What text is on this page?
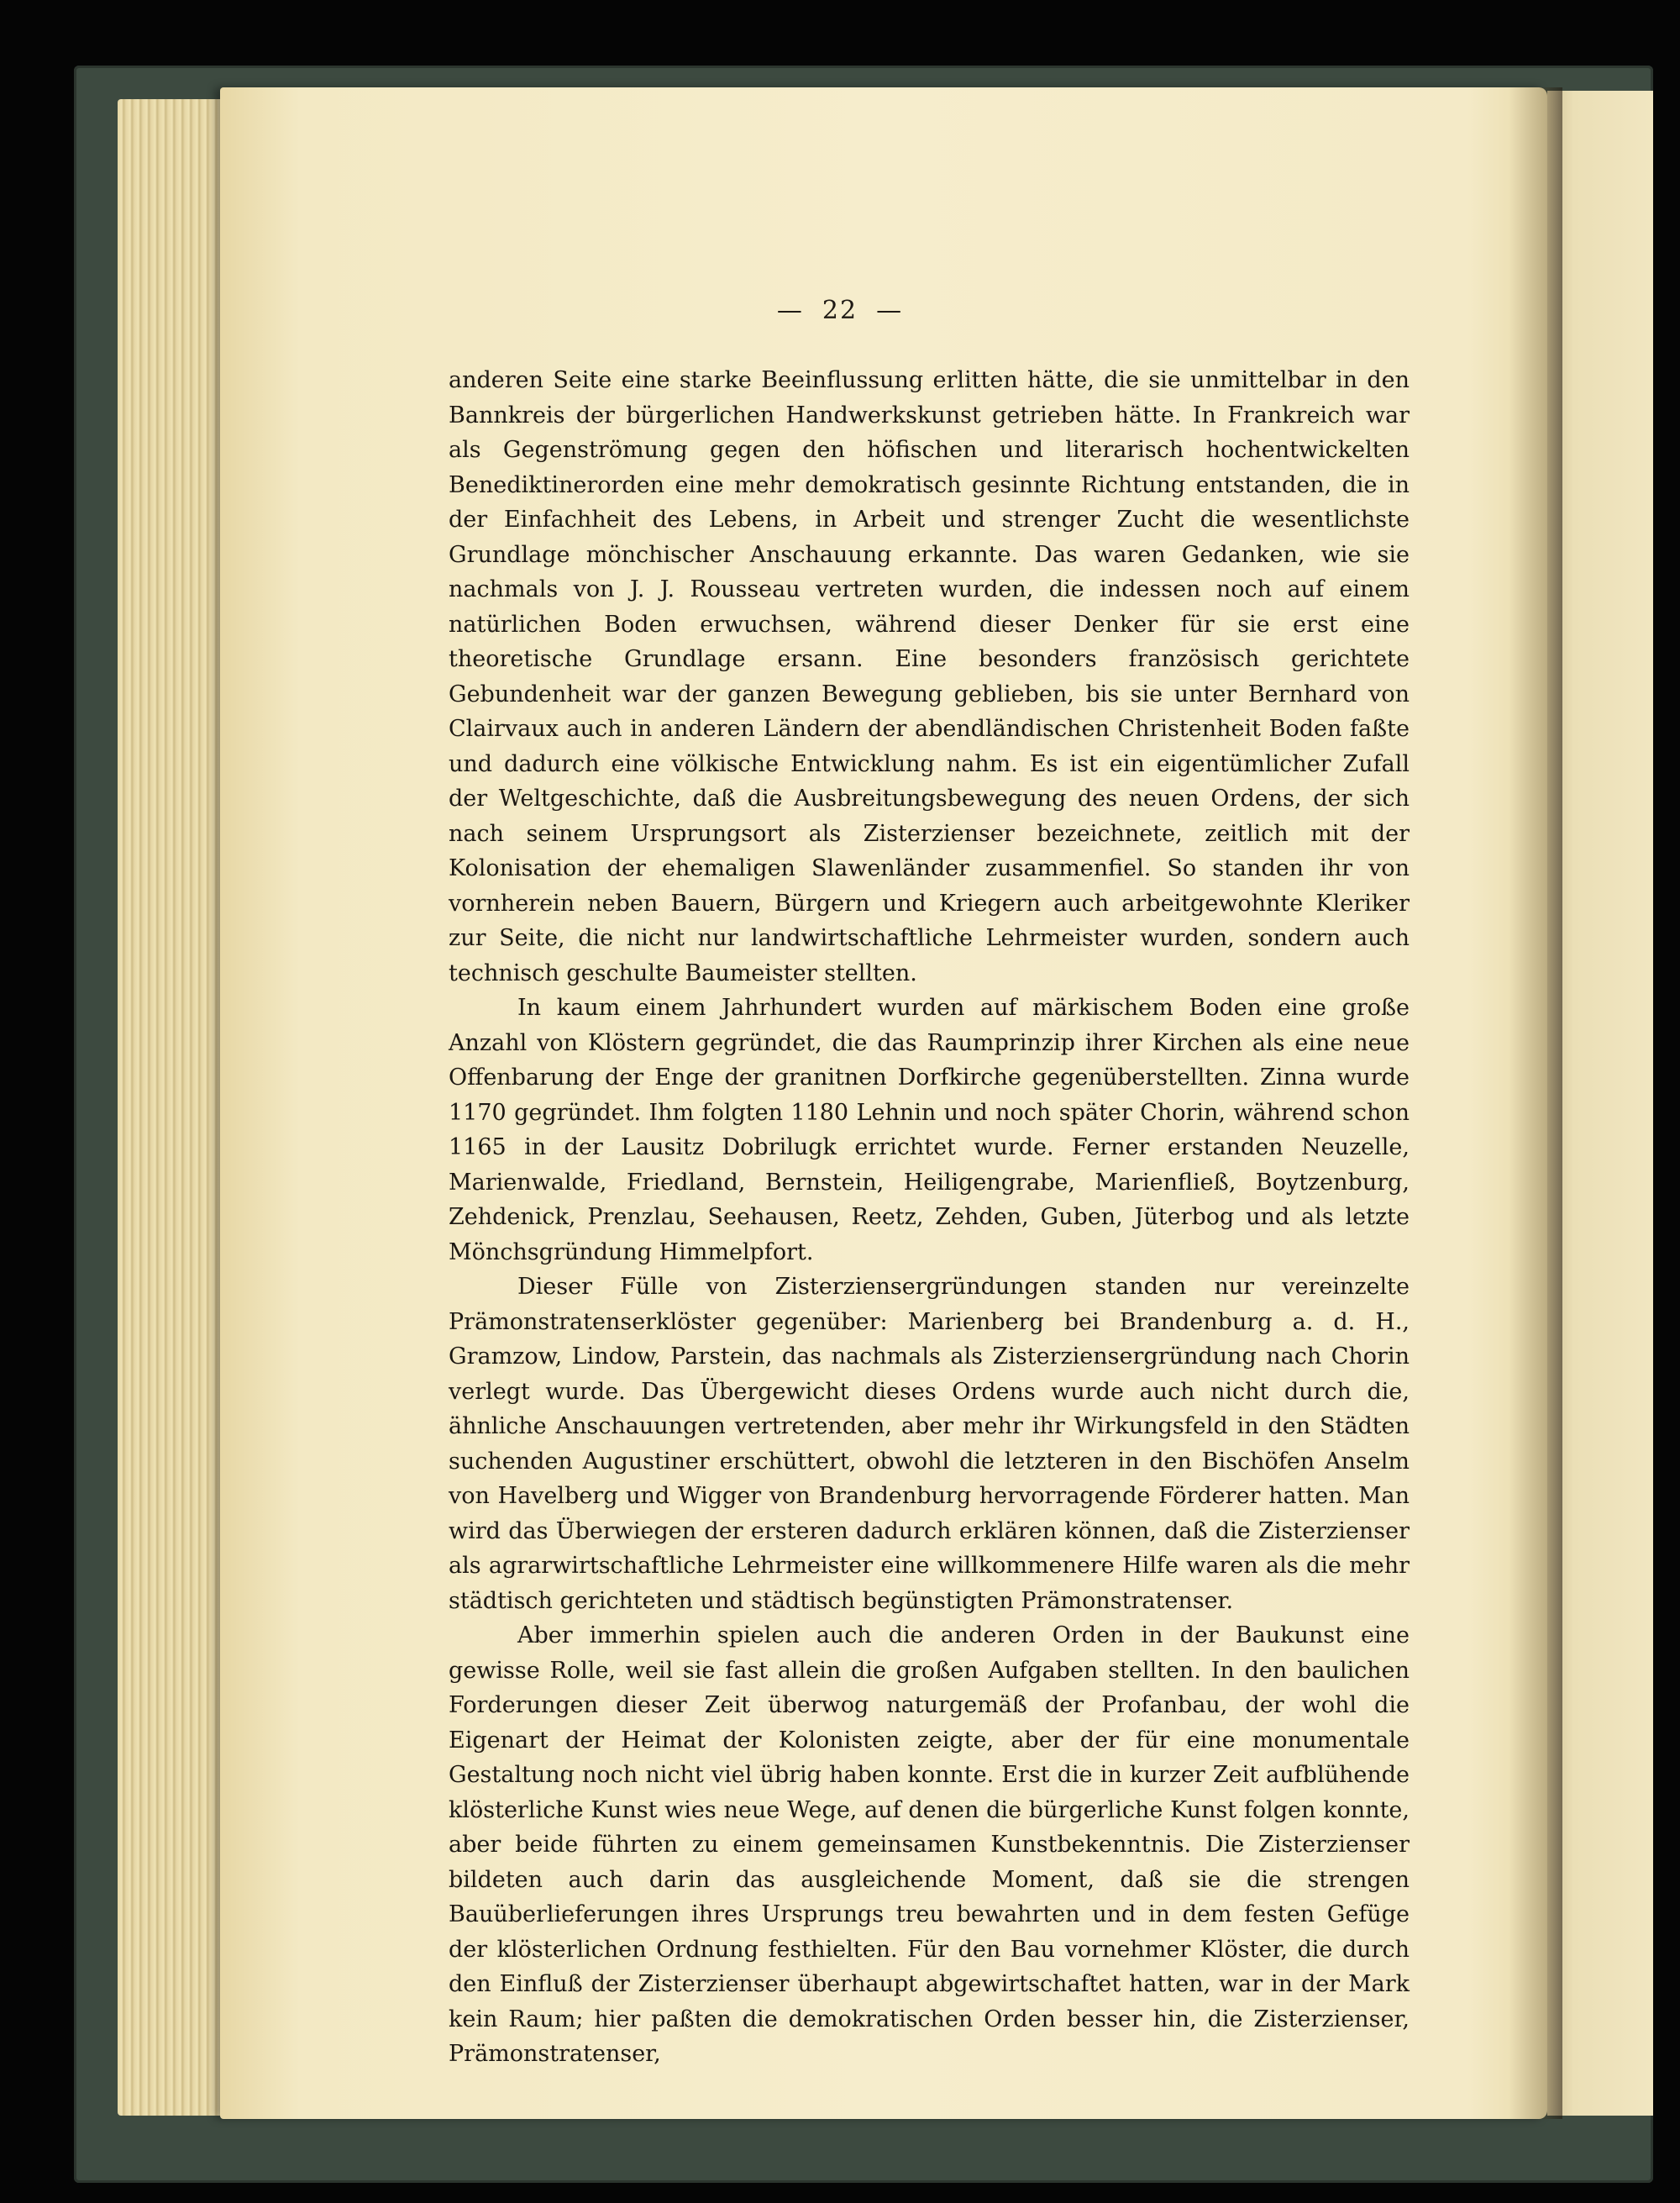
— 22 —

anderen Seite eine starke Beeinflussung erlitten hätte, die sie unmittelbar in den Bannkreis der bürgerlichen Handwerkskunst getrieben hätte. In Frankreich war als Gegenströmung gegen den höfischen und literarisch hochentwickelten Benediktinerorden eine mehr demokratisch gesinnte Richtung entstanden, die in der Einfachheit des Lebens, in Arbeit und strenger Zucht die wesentlichste Grundlage mönchischer Anschauung erkannte. Das waren Gedanken, wie sie nachmals von J. J. Rousseau vertreten wurden, die indessen noch auf einem natürlichen Boden erwuchsen, während dieser Denker für sie erst eine theoretische Grundlage ersann. Eine besonders französisch gerichtete Gebundenheit war der ganzen Bewegung geblieben, bis sie unter Bernhard von Clairvaux auch in anderen Ländern der abendländischen Christenheit Boden faßte und dadurch eine völkische Entwicklung nahm. Es ist ein eigentümlicher Zufall der Weltgeschichte, daß die Ausbreitungsbewegung des neuen Ordens, der sich nach seinem Ursprungsort als Zisterzienser bezeichnete, zeitlich mit der Kolonisation der ehemaligen Slawenländer zusammenfiel. So standen ihr von vornherein neben Bauern, Bürgern und Kriegern auch arbeitgewohnte Kleriker zur Seite, die nicht nur landwirtschaftliche Lehrmeister wurden, sondern auch technisch geschulte Baumeister stellten.

In kaum einem Jahrhundert wurden auf märkischem Boden eine große Anzahl von Klöstern gegründet, die das Raumprinzip ihrer Kirchen als eine neue Offenbarung der Enge der granitnen Dorfkirche gegenüberstellten. Zinna wurde 1170 gegründet. Ihm folgten 1180 Lehnin und noch später Chorin, während schon 1165 in der Lausitz Dobrilugk errichtet wurde. Ferner erstanden Neuzelle, Marienwalde, Friedland, Bernstein, Heiligengrabe, Marienfließ, Boytzenburg, Zehdenick, Prenzlau, Seehausen, Reetz, Zehden, Guben, Jüterbog und als letzte Mönchsgründung Himmelpfort.

Dieser Fülle von Zisterziensergründungen standen nur vereinzelte Prämonstratenserklöster gegenüber: Marienberg bei Brandenburg a. d. H., Gramzow, Lindow, Parstein, das nachmals als Zisterziensergründung nach Chorin verlegt wurde. Das Übergewicht dieses Ordens wurde auch nicht durch die, ähnliche Anschauungen vertretenden, aber mehr ihr Wirkungsfeld in den Städten suchenden Augustiner erschüttert, obwohl die letzteren in den Bischöfen Anselm von Havelberg und Wigger von Brandenburg hervorragende Förderer hatten. Man wird das Überwiegen der ersteren dadurch erklären können, daß die Zisterzienser als agrarwirtschaftliche Lehrmeister eine willkommenere Hilfe waren als die mehr städtisch gerichteten und städtisch begünstigten Prämonstratenser.

Aber immerhin spielen auch die anderen Orden in der Baukunst eine gewisse Rolle, weil sie fast allein die großen Aufgaben stellten. In den baulichen Forderungen dieser Zeit überwog naturgemäß der Profanbau, der wohl die Eigenart der Heimat der Kolonisten zeigte, aber der für eine monumentale Gestaltung noch nicht viel übrig haben konnte. Erst die in kurzer Zeit aufblühende klösterliche Kunst wies neue Wege, auf denen die bürgerliche Kunst folgen konnte, aber beide führten zu einem gemeinsamen Kunstbekenntnis. Die Zisterzienser bildeten auch darin das ausgleichende Moment, daß sie die strengen Bauüberlieferungen ihres Ursprungs treu bewahrten und in dem festen Gefüge der klösterlichen Ordnung festhielten. Für den Bau vornehmer Klöster, die durch den Einfluß der Zisterzienser überhaupt abgewirtschaftet hatten, war in der Mark kein Raum; hier paßten die demokratischen Orden besser hin, die Zisterzienser, Prämonstratenser,
